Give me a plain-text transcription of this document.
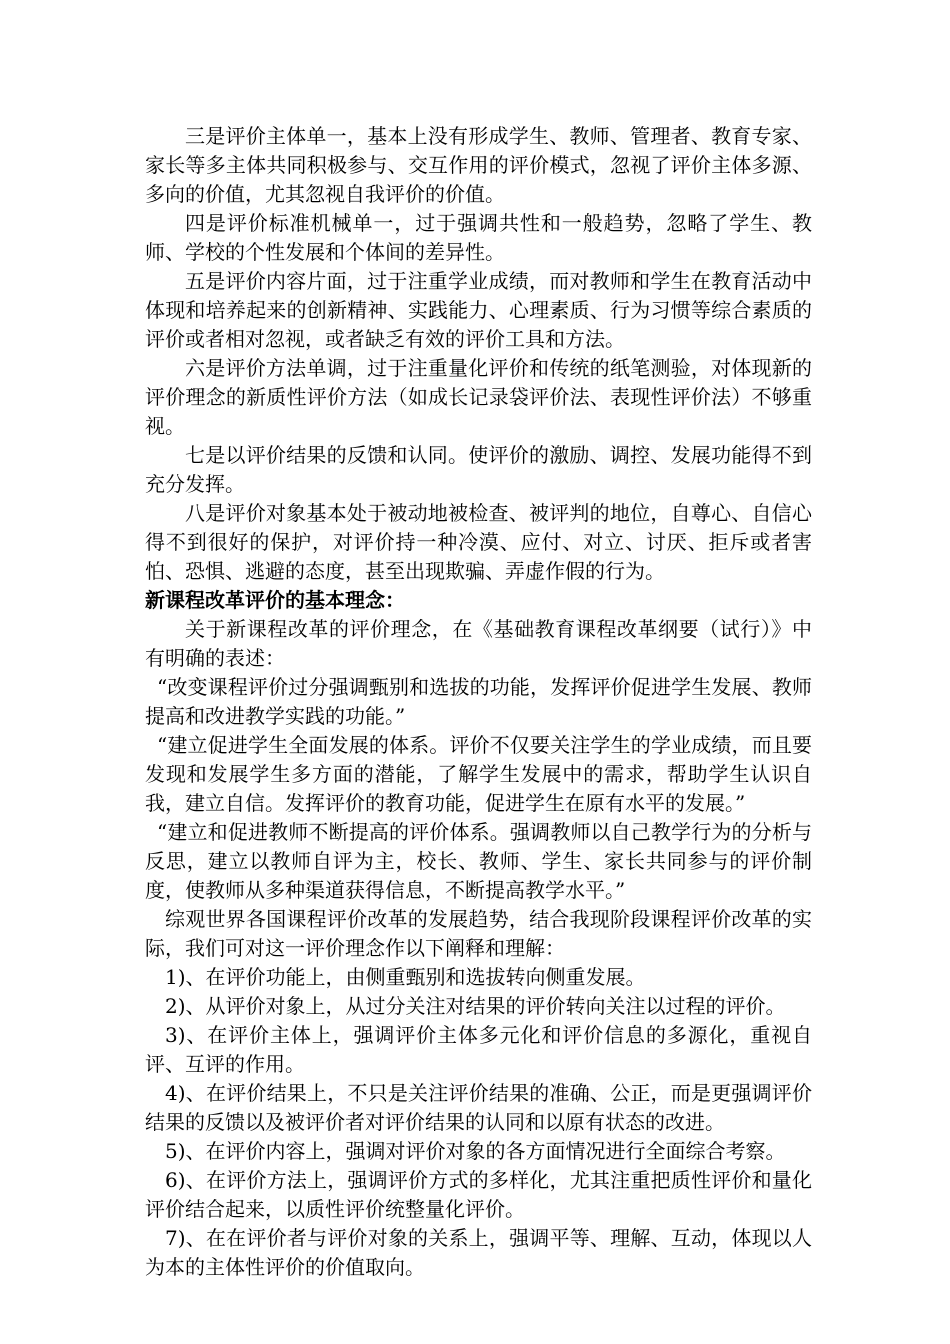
三是评价主体单一，基本上没有形成学生、教师、管理者、教育专家、家长等多主体共同积极参与、交互作用的评价模式，忽视了评价主体多源、多向的价值，尤其忽视自我评价的价值。

四是评价标准机械单一，过于强调共性和一般趋势，忽略了学生、教师、学校的个性发展和个体间的差异性。

五是评价内容片面，过于注重学业成绩，而对教师和学生在教育活动中体现和培养起来的创新精神、实践能力、心理素质、行为习惯等综合素质的评价或者相对忽视，或者缺乏有效的评价工具和方法。

六是评价方法单调，过于注重量化评价和传统的纸笔测验，对体现新的评价理念的新质性评价方法（如成长记录袋评价法、表现性评价法）不够重视。

七是以评价结果的反馈和认同。使评价的激励、调控、发展功能得不到充分发挥。

八是评价对象基本处于被动地被检查、被评判的地位，自尊心、自信心得不到很好的保护，对评价持一种冷漠、应付、对立、讨厌、拒斥或者害怕、恐惧、逃避的态度，甚至出现欺骗、弄虚作假的行为。

新课程改革评价的基本理念：

关于新课程改革的评价理念，在《基础教育课程改革纲要（试行）》中有明确的表述：

“改变课程评价过分强调甄别和选拔的功能，发挥评价促进学生发展、教师提高和改进教学实践的功能。”

“建立促进学生全面发展的体系。评价不仅要关注学生的学业成绩，而且要发现和发展学生多方面的潜能，了解学生发展中的需求，帮助学生认识自我，建立自信。发挥评价的教育功能，促进学生在原有水平的发展。”

“建立和促进教师不断提高的评价体系。强调教师以自己教学行为的分析与反思，建立以教师自评为主，校长、教师、学生、家长共同参与的评价制度，使教师从多种渠道获得信息，不断提高教学水平。”

综观世界各国课程评价改革的发展趋势，结合我现阶段课程评价改革的实际，我们可对这一评价理念作以下阐释和理解：

1)、在评价功能上，由侧重甄别和选拔转向侧重发展。

2)、从评价对象上，从过分关注对结果的评价转向关注以过程的评价。

3)、在评价主体上，强调评价主体多元化和评价信息的多源化，重视自评、互评的作用。

4)、在评价结果上，不只是关注评价结果的准确、公正，而是更强调评价结果的反馈以及被评价者对评价结果的认同和以原有状态的改进。

5)、在评价内容上，强调对评价对象的各方面情况进行全面综合考察。

6)、在评价方法上，强调评价方式的多样化，尤其注重把质性评价和量化评价结合起来，以质性评价统整量化评价。

7)、在在评价者与评价对象的关系上，强调平等、理解、互动，体现以人为本的主体性评价的价值取向。
